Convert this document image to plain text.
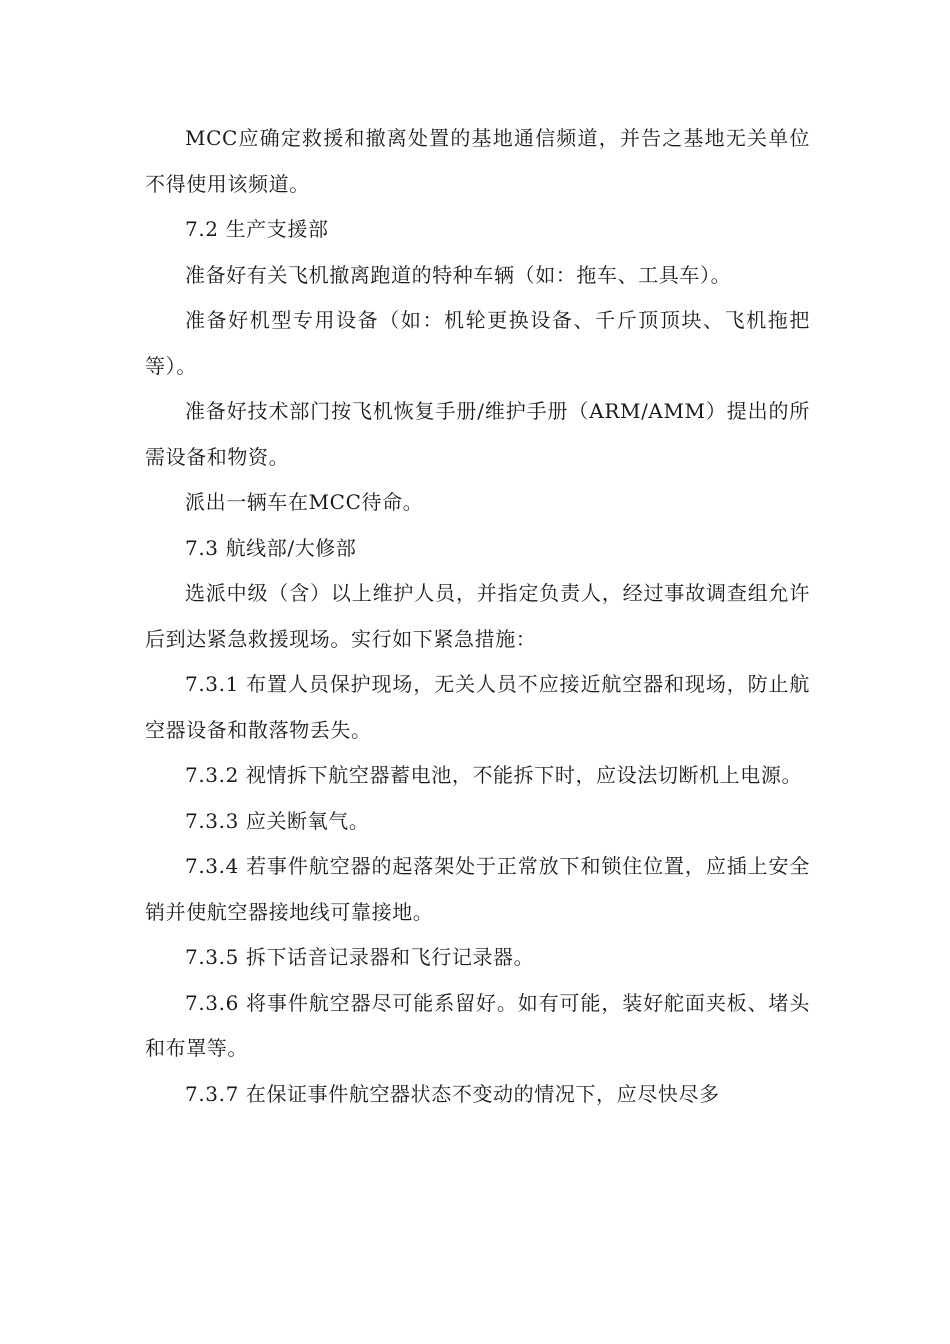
MCC应确定救援和撤离处置的基地通信频道，并告之基地无关单位不得使用该频道。

7.2 生产支援部

准备好有关飞机撤离跑道的特种车辆（如：拖车、工具车）。

准备好机型专用设备（如：机轮更换设备、千斤顶顶块、飞机拖把等）。

准备好技术部门按飞机恢复手册/维护手册（ARM/AMM）提出的所需设备和物资。

派出一辆车在MCC待命。

7.3 航线部/大修部

选派中级（含）以上维护人员，并指定负责人，经过事故调查组允许后到达紧急救援现场。实行如下紧急措施：

7.3.1 布置人员保护现场，无关人员不应接近航空器和现场，防止航空器设备和散落物丢失。

7.3.2 视情拆下航空器蓄电池，不能拆下时，应设法切断机上电源。

7.3.3 应关断氧气。

7.3.4 若事件航空器的起落架处于正常放下和锁住位置，应插上安全销并使航空器接地线可靠接地。

7.3.5 拆下话音记录器和飞行记录器。

7.3.6 将事件航空器尽可能系留好。如有可能，装好舵面夹板、堵头和布罩等。

7.3.7 在保证事件航空器状态不变动的情况下，应尽快尽多
